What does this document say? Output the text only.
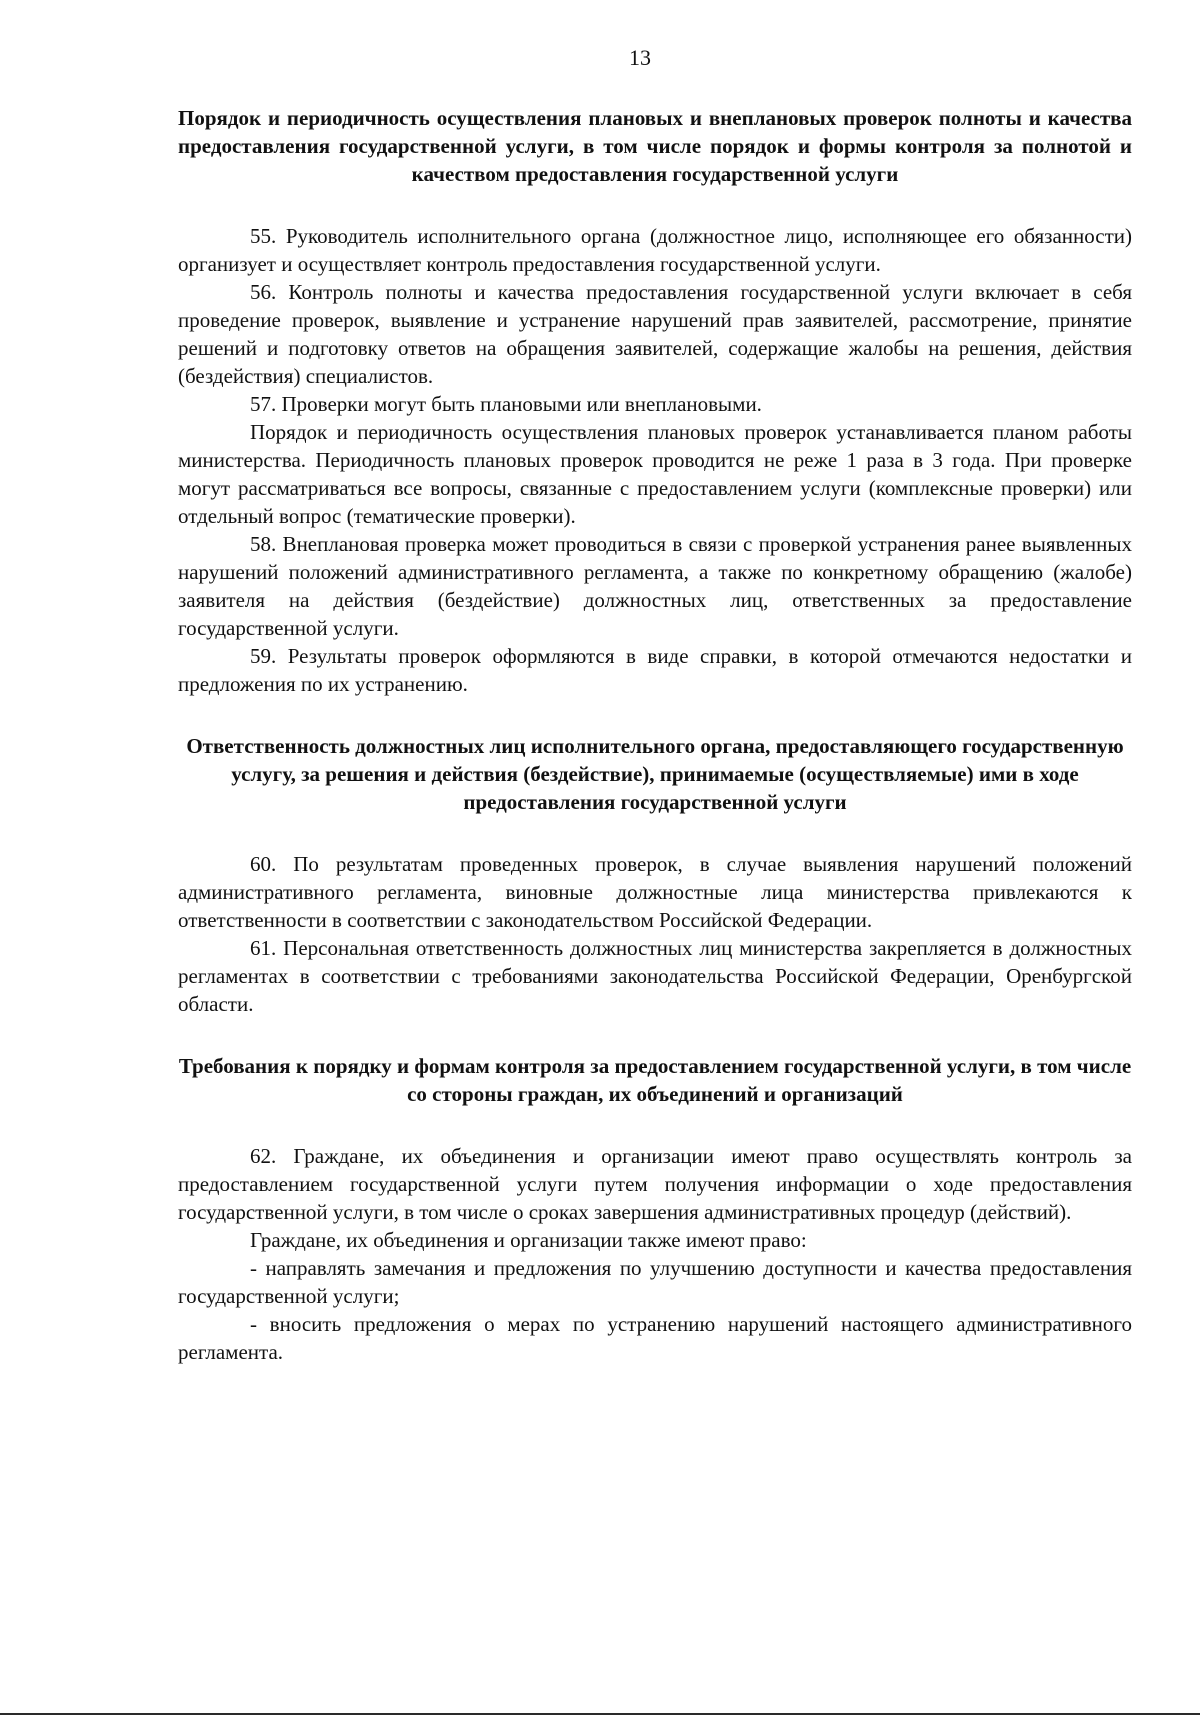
13
Порядок и периодичность осуществления плановых и внеплановых проверок полноты и качества предоставления государственной услуги, в том числе порядок и формы контроля за полнотой и качеством предоставления государственной услуги

55. Руководитель исполнительного органа (должностное лицо, исполняющее его обязанности) организует и осуществляет контроль предоставления государственной услуги.

56. Контроль полноты и качества предоставления государственной услуги включает в себя проведение проверок, выявление и устранение нарушений прав заявителей, рассмотрение, принятие решений и подготовку ответов на обращения заявителей, содержащие жалобы на решения, действия (бездействия) специалистов.

57. Проверки могут быть плановыми или внеплановыми.

Порядок и периодичность осуществления плановых проверок устанавливается планом работы министерства. Периодичность плановых проверок проводится не реже 1 раза в 3 года. При проверке могут рассматриваться все вопросы, связанные с предоставлением услуги (комплексные проверки) или отдельный вопрос (тематические проверки).

58. Внеплановая проверка может проводиться в связи с проверкой устранения ранее выявленных нарушений положений административного регламента, а также по конкретному обращению (жалобе) заявителя на действия (бездействие) должностных лиц, ответственных за предоставление государственной услуги.

59. Результаты проверок оформляются в виде справки, в которой отмечаются недостатки и предложения по их устранению.

Ответственность должностных лиц исполнительного органа, предоставляющего государственную услугу, за решения и действия (бездействие), принимаемые (осуществляемые) ими в ходе предоставления государственной услуги

60. По результатам проведенных проверок, в случае выявления нарушений положений административного регламента, виновные должностные лица министерства привлекаются к ответственности в соответствии с законодательством Российской Федерации.

61. Персональная ответственность должностных лиц министерства закрепляется в должностных регламентах в соответствии с требованиями законодательства Российской Федерации, Оренбургской области.

Требования к порядку и формам контроля за предоставлением государственной услуги, в том числе со стороны граждан, их объединений и организаций

62. Граждане, их объединения и организации имеют право осуществлять контроль за предоставлением государственной услуги путем получения информации о ходе предоставления государственной услуги, в том числе о сроках завершения административных процедур (действий).

Граждане, их объединения и организации также имеют право:

- направлять замечания и предложения по улучшению доступности и качества предоставления государственной услуги;

- вносить предложения о мерах по устранению нарушений настоящего административного регламента.
